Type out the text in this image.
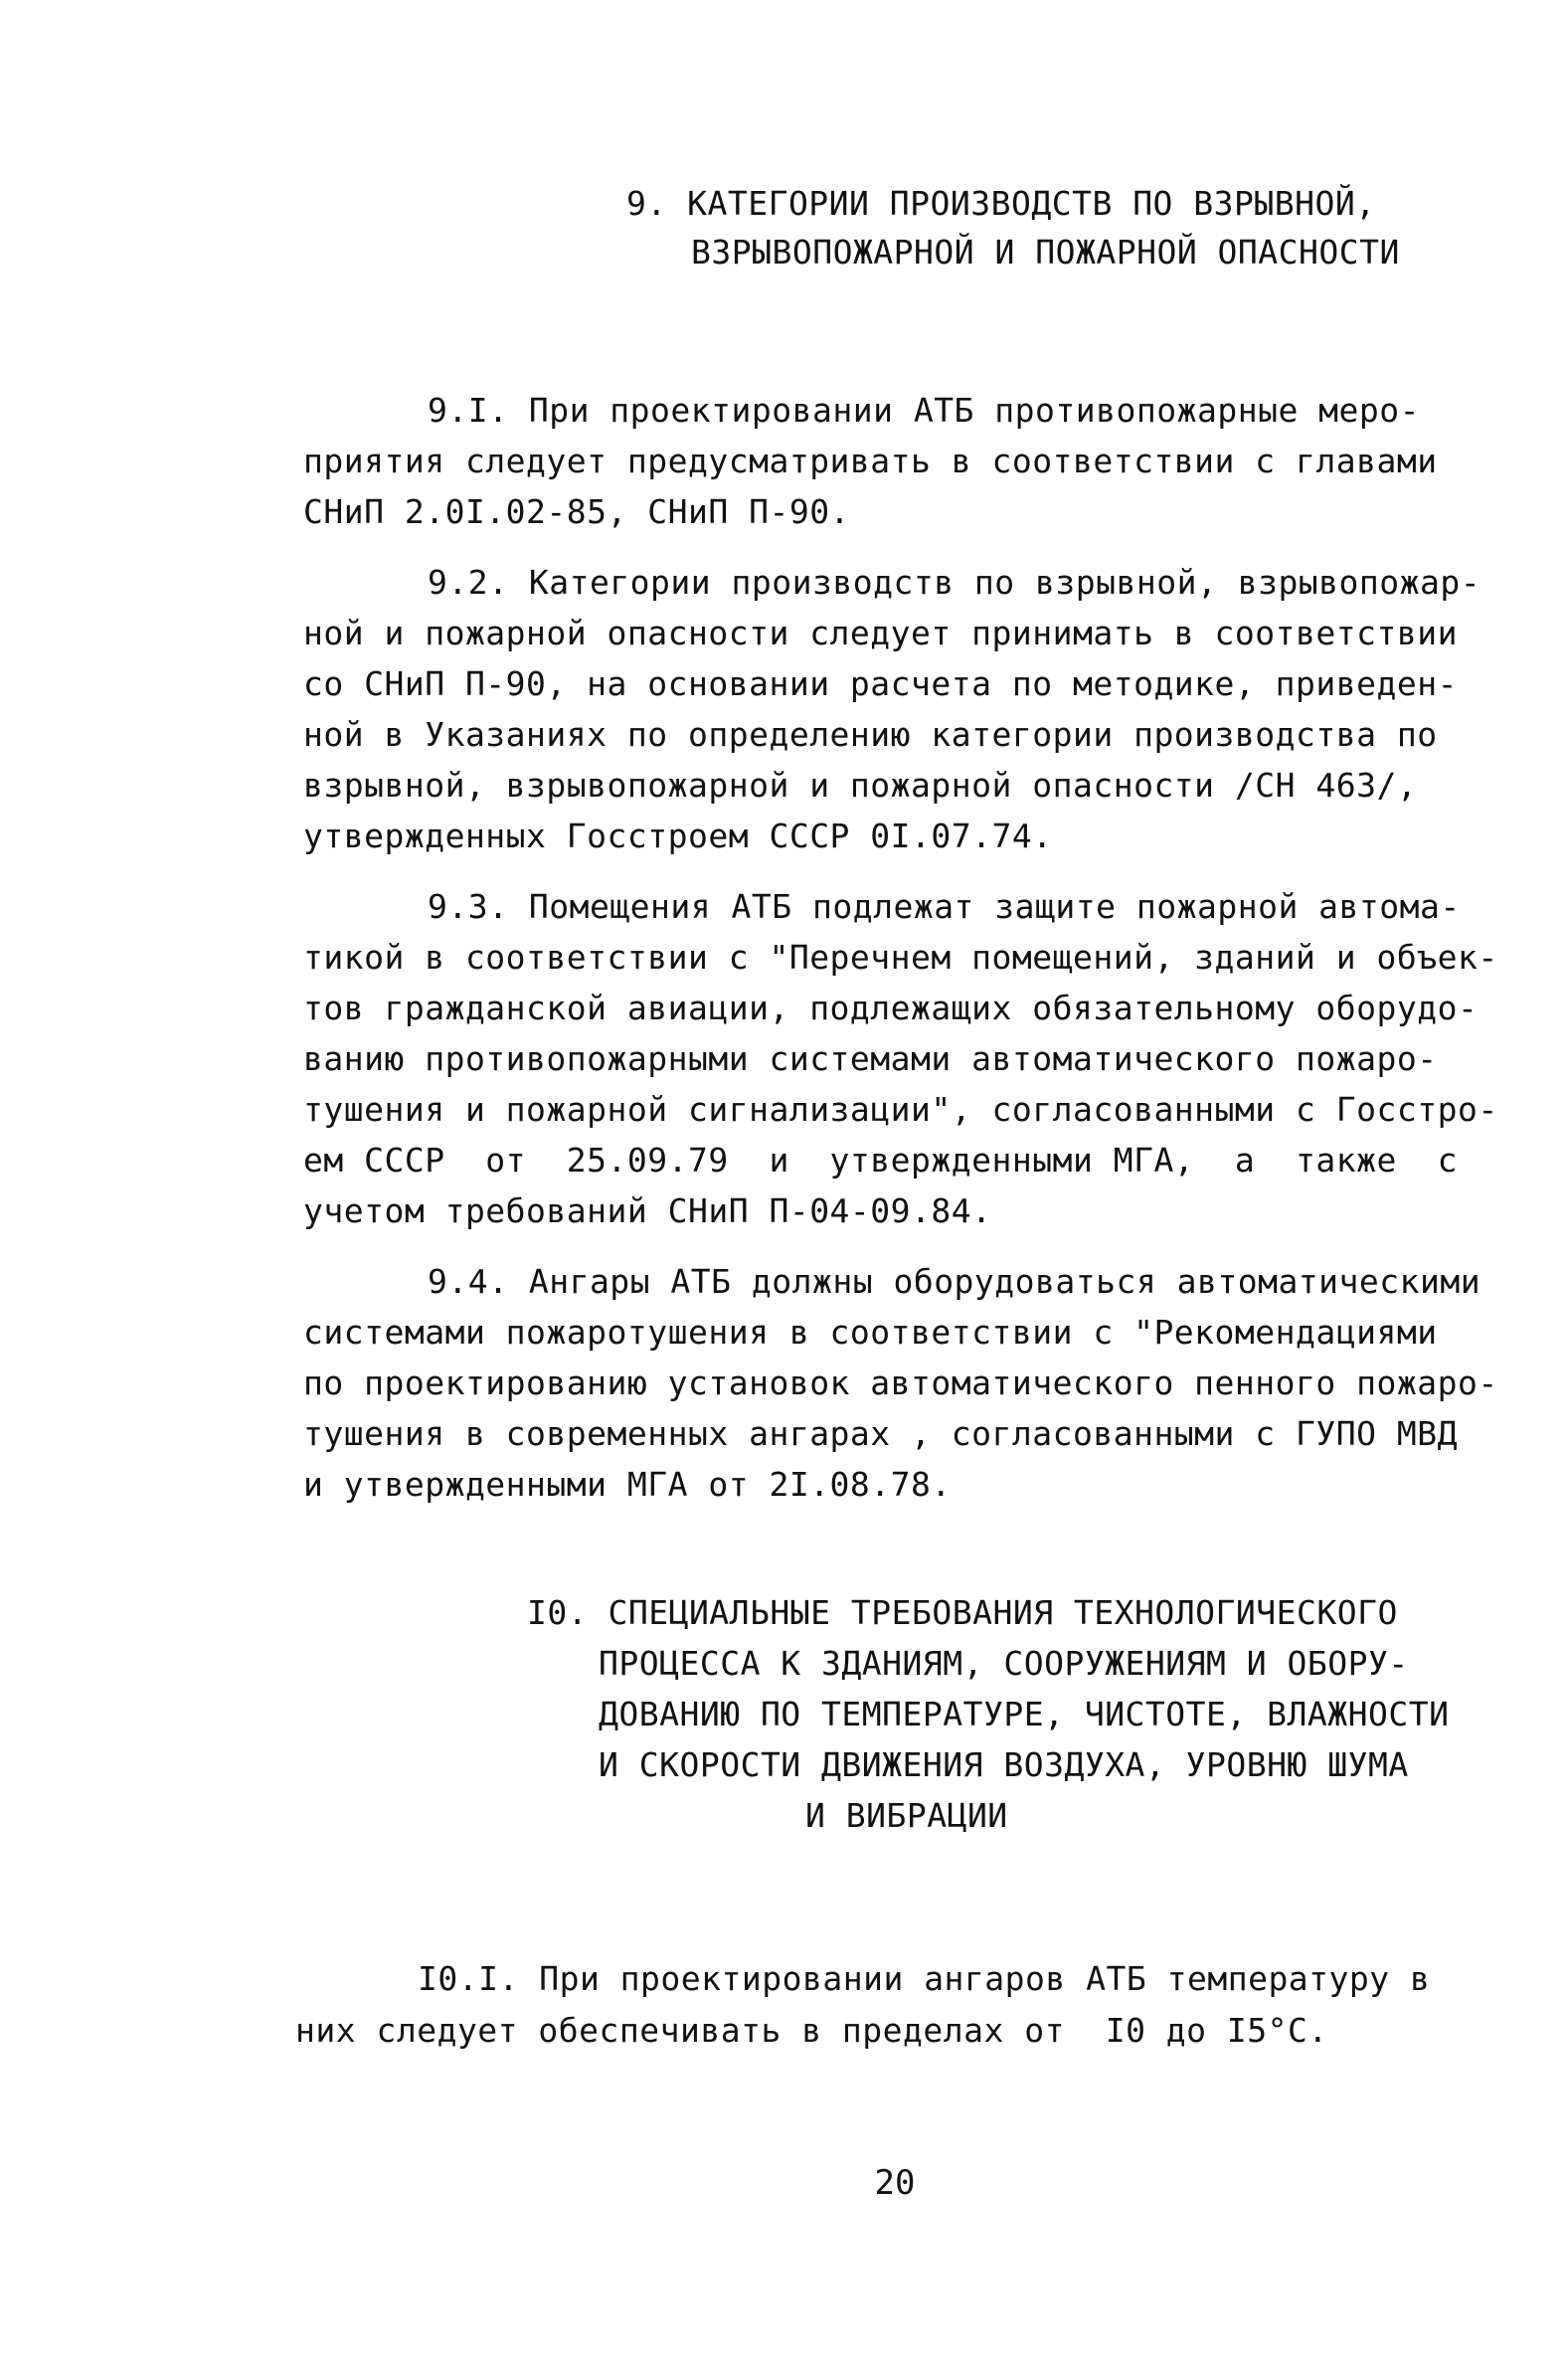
9. КАТЕГОРИИ ПРОИЗВОДСТВ ПО ВЗРЫВНОЙ,
ВЗРЫВОПОЖАРНОЙ И ПОЖАРНОЙ ОПАСНОСТИ
9.I. При проектировании АТБ противопожарные меро-
приятия следует предусматривать в соответствии с главами
СНиП 2.0I.02-85, СНиП П-90.
9.2. Категории производств по взрывной, взрывопожар-
ной и пожарной опасности следует принимать в соответствии
со СНиП П-90, на основании расчета по методике, приведен-
ной в Указаниях по определению категории производства по
взрывной, взрывопожарной и пожарной опасности /СН 463/,
утвержденных Госстроем СССР 0I.07.74.
9.3. Помещения АТБ подлежат защите пожарной автома-
тикой в соответствии с "Перечнем помещений, зданий и объек-
тов гражданской авиации, подлежащих обязательному оборудо-
ванию противопожарными системами автоматического пожаро-
тушения и пожарной сигнализации", согласованными с Госстро-
ем СССР  от  25.09.79  и  утвержденными МГА,  а  также  с
учетом требований СНиП П-04-09.84.
9.4. Ангары АТБ должны оборудоваться автоматическими
системами пожаротушения в соответствии с "Рекомендациями
по проектированию установок автоматического пенного пожаро-
тушения в современных ангарах , согласованными с ГУПО МВД
и утвержденными МГА от 2I.08.78.
I0. СПЕЦИАЛЬНЫЕ ТРЕБОВАНИЯ ТЕХНОЛОГИЧЕСКОГО
ПРОЦЕССА К ЗДАНИЯМ, СООРУЖЕНИЯМ И ОБОРУ-
ДОВАНИЮ ПО ТЕМПЕРАТУРЕ, ЧИСТОТЕ, ВЛАЖНОСТИ
И СКОРОСТИ ДВИЖЕНИЯ ВОЗДУХА, УРОВНЮ ШУМА
И ВИБРАЦИИ
I0.I. При проектировании ангаров АТБ температуру в
них следует обеспечивать в пределах от  I0 до I5°C.
20
